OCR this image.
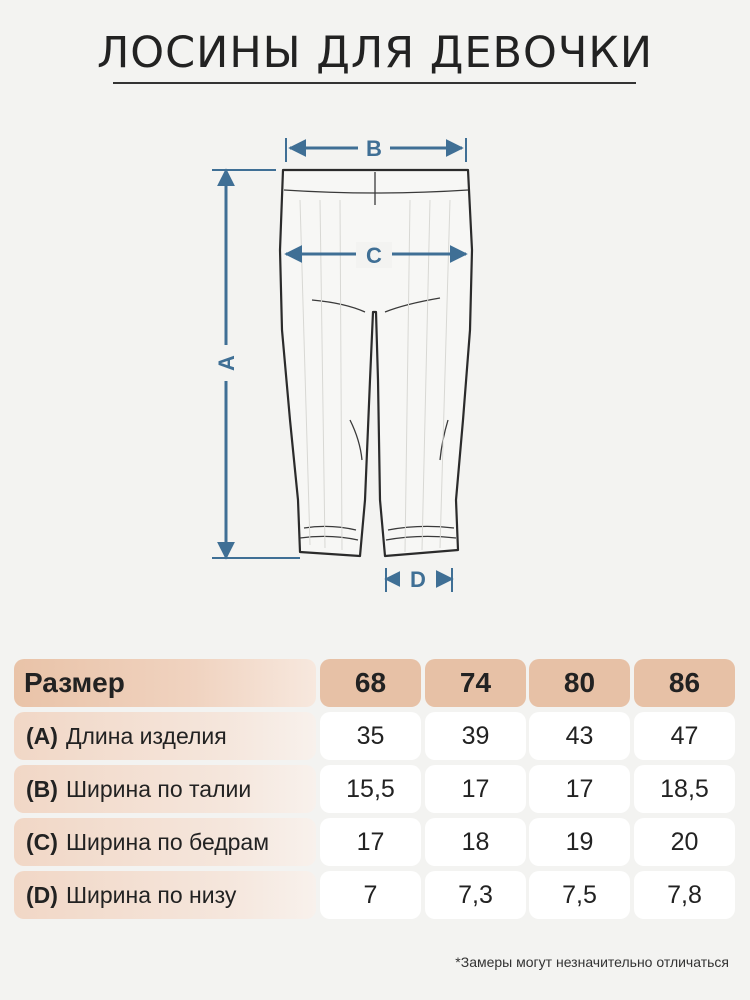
ЛОСИНЫ ДЛЯ ДЕВОЧКИ
B
C
A
D
Размер	68	74	80	86
(A) Длина изделия	35	39	43	47
(B) Ширина по талии	15,5	17	17	18,5
(C) Ширина по бедрам	17	18	19	20
(D) Ширина по низу	7	7,3	7,5	7,8
*Замеры могут незначительно отличаться
